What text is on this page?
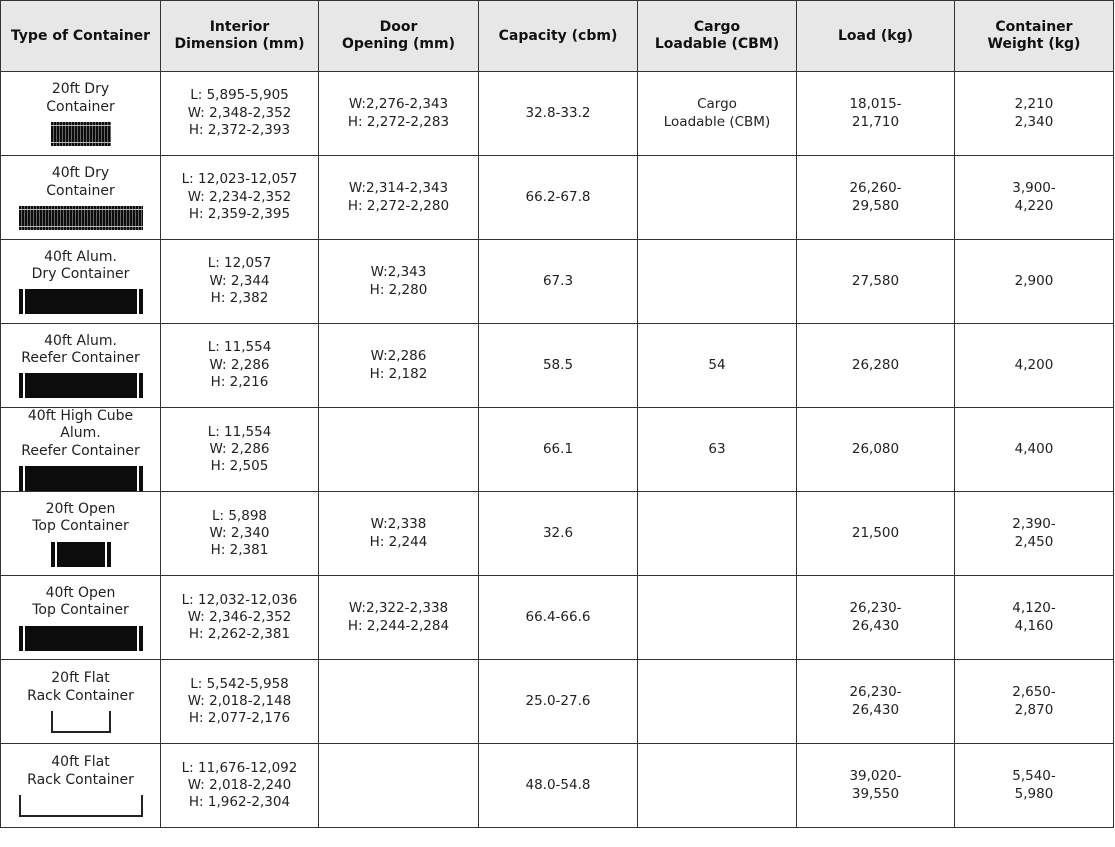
Type of Container	Interior
Dimension (mm)	Door
Opening (mm)	Capacity (cbm)	Cargo
Loadable (CBM)	Load (kg)	Container
Weight (kg)

20ft Dry
Container	L: 5,895-5,905
W: 2,348-2,352
H: 2,372-2,393	W:2,276-2,343
H: 2,272-2,283	32.8-33.2	Cargo
Loadable (CBM)	18,015-
21,710	2,210
2,340

40ft Dry
Container	L: 12,023-12,057
W: 2,234-2,352
H: 2,359-2,395	W:2,314-2,343
H: 2,272-2,280	66.2-67.8		26,260-
29,580	3,900-
4,220

40ft Alum.
Dry Container	L: 12,057
W: 2,344
H: 2,382	W:2,343
H: 2,280	67.3		27,580	2,900

40ft Alum.
Reefer Container	L: 11,554
W: 2,286
H: 2,216	W:2,286
H: 2,182	58.5	54	26,280	4,200

40ft High Cube Alum.
Reefer Container	L: 11,554
W: 2,286
H: 2,505		66.1	63	26,080	4,400

20ft Open
Top Container	L: 5,898
W: 2,340
H: 2,381	W:2,338
H: 2,244	32.6		21,500	2,390-
2,450

40ft Open
Top Container	L: 12,032-12,036
W: 2,346-2,352
H: 2,262-2,381	W:2,322-2,338
H: 2,244-2,284	66.4-66.6		26,230-
26,430	4,120-
4,160

20ft Flat
Rack Container	L: 5,542-5,958
W: 2,018-2,148
H: 2,077-2,176		25.0-27.6		26,230-
26,430	2,650-
2,870

40ft Flat
Rack Container	L: 11,676-12,092
W: 2,018-2,240
H: 1,962-2,304		48.0-54.8		39,020-
39,550	5,540-
5,980
